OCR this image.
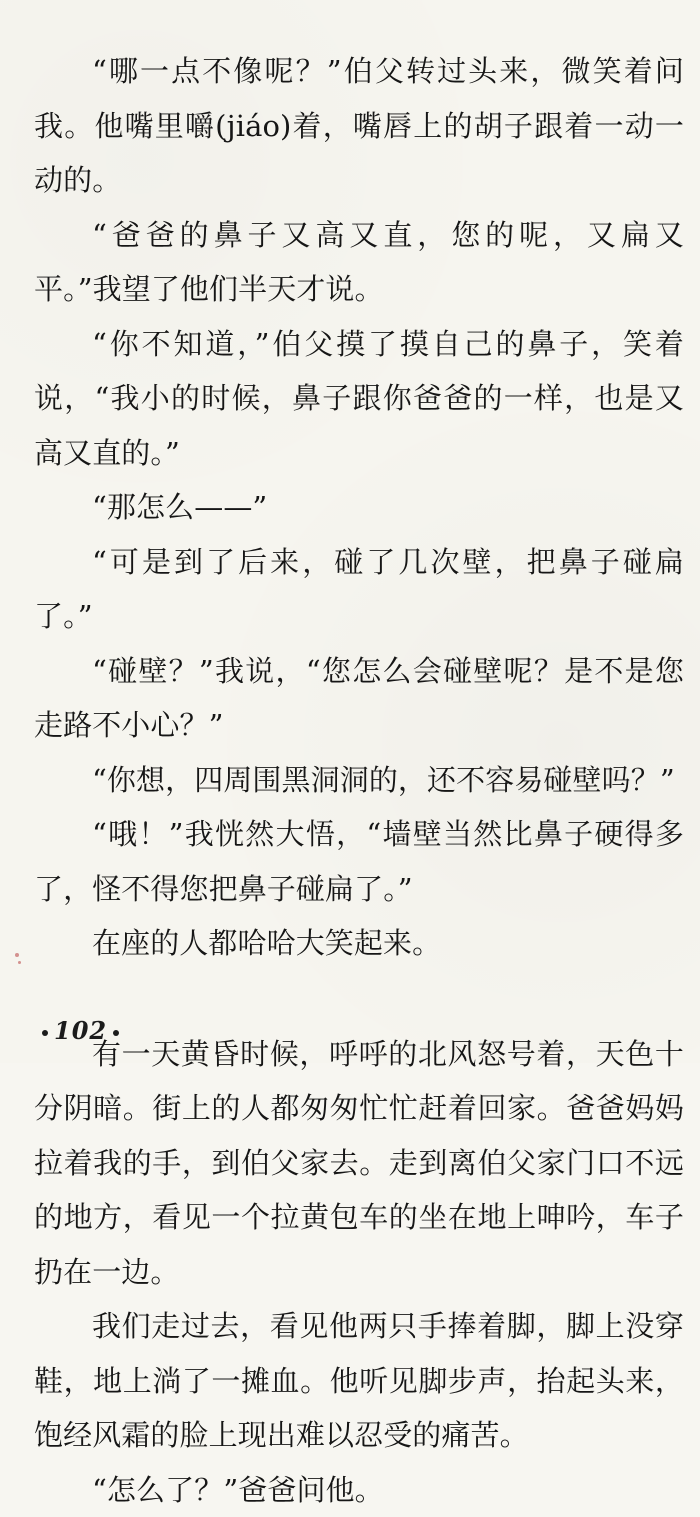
“哪一点不像呢？”伯父转过头来，微笑着问我。他嘴里嚼(jiáo)着，嘴唇上的胡子跟着一动一动的。

“爸爸的鼻子又高又直，您的呢，又扁又平。”我望了他们半天才说。

“你不知道，”伯父摸了摸自己的鼻子，笑着说，“我小的时候，鼻子跟你爸爸的一样，也是又高又直的。”

“那怎么——”

“可是到了后来，碰了几次壁，把鼻子碰扁了。”

“碰壁？”我说，“您怎么会碰壁呢？是不是您走路不小心？”

“你想，四周围黑洞洞的，还不容易碰壁吗？”

“哦！”我恍然大悟，“墙壁当然比鼻子硬得多了，怪不得您把鼻子碰扁了。”

在座的人都哈哈大笑起来。

有一天黄昏时候，呼呼的北风怒号着，天色十分阴暗。街上的人都匆匆忙忙赶着回家。爸爸妈妈拉着我的手，到伯父家去。走到离伯父家门口不远的地方，看见一个拉黄包车的坐在地上呻吟，车子扔在一边。

我们走过去，看见他两只手捧着脚，脚上没穿鞋，地上淌了一摊血。他听见脚步声，抬起头来，饱经风霜的脸上现出难以忍受的痛苦。

“怎么了？”爸爸问他。

102
